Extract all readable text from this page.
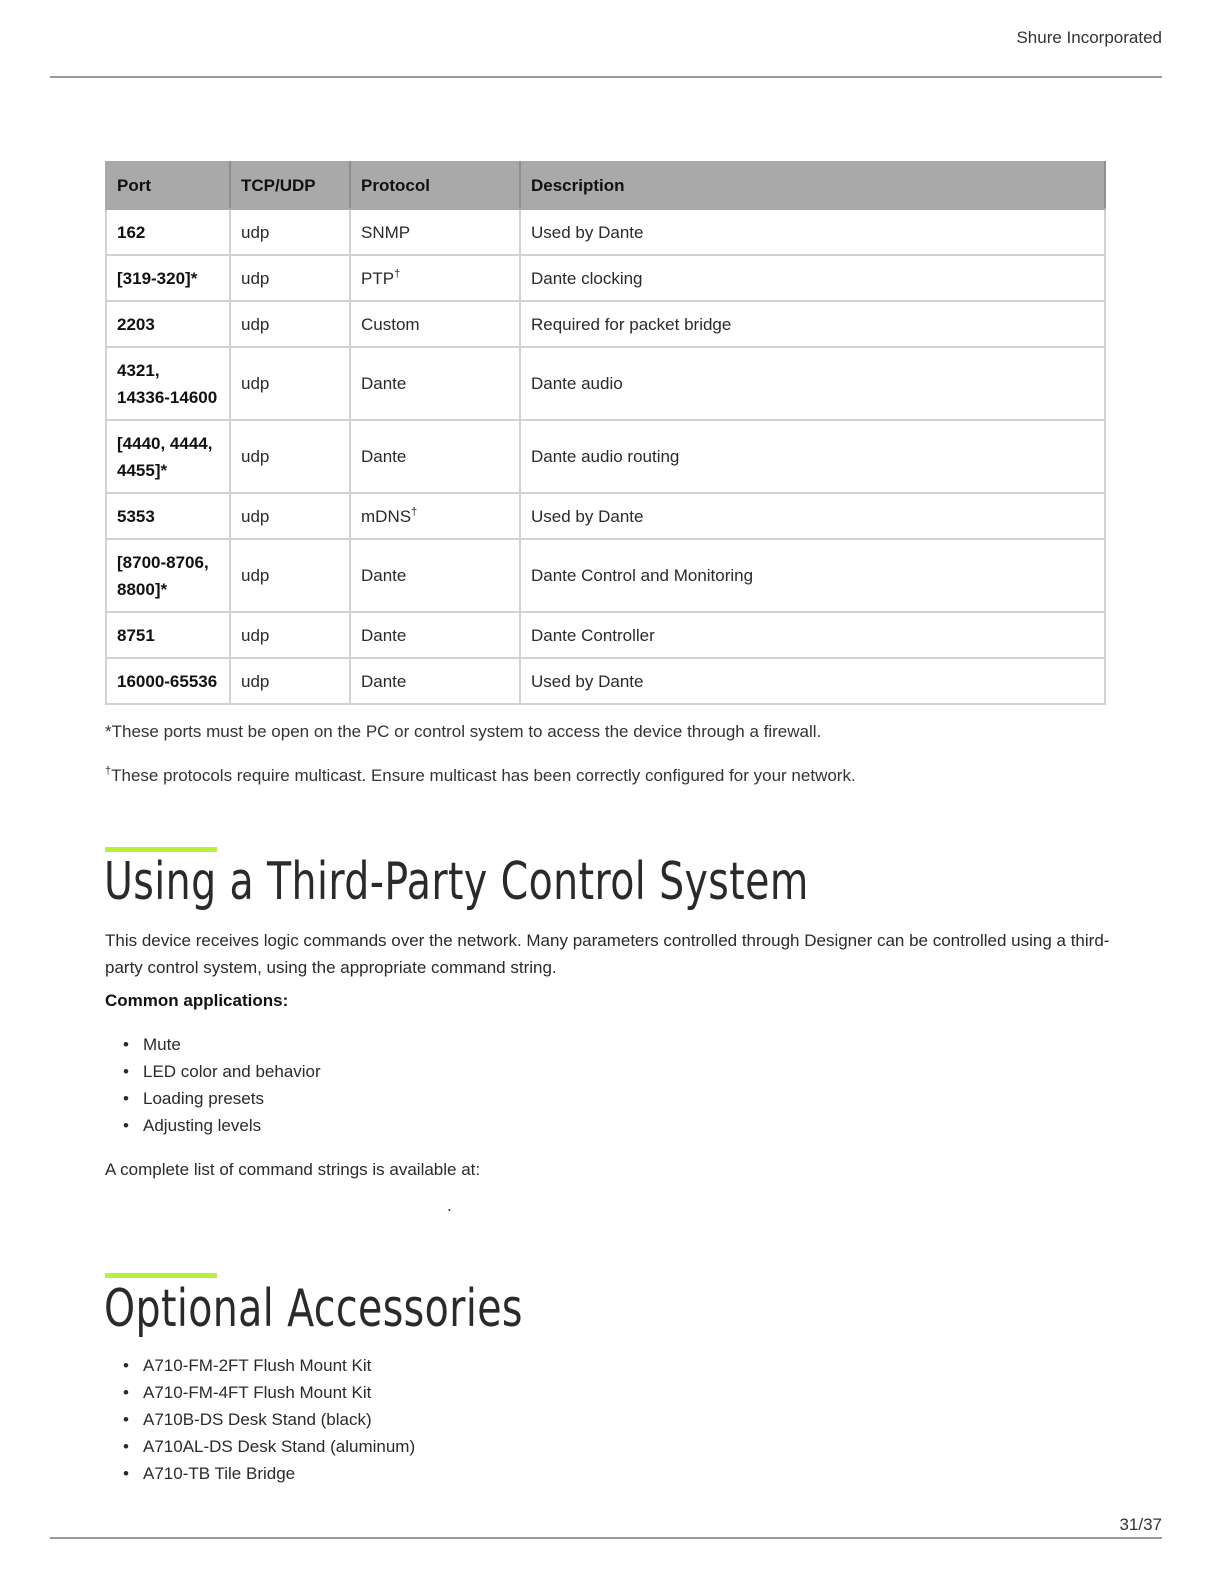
Shure Incorporated
Port	TCP/UDP	Protocol	Description
162	udp	SNMP	Used by Dante
[319-320]*	udp	PTP†	Dante clocking
2203	udp	Custom	Required for packet bridge
4321,
14336-14600	udp	Dante	Dante audio
[4440, 4444,
4455]*	udp	Dante	Dante audio routing
5353	udp	mDNS†	Used by Dante
[8700-8706,
8800]*	udp	Dante	Dante Control and Monitoring
8751	udp	Dante	Dante Controller
16000-65536	udp	Dante	Used by Dante
*These ports must be open on the PC or control system to access the device through a firewall.
†These protocols require multicast. Ensure multicast has been correctly configured for your network.
Using a Third-Party Control System

This device receives logic commands over the network. Many parameters controlled through Designer can be controlled using a third-party control system, using the appropriate command string.

Common applications:

• Mute
• LED color and behavior
• Loading presets
• Adjusting levels

A complete list of command strings is available at:

.
Optional Accessories
• A710-FM-2FT Flush Mount Kit
• A710-FM-4FT Flush Mount Kit
• A710B-DS Desk Stand (black)
• A710AL-DS Desk Stand (aluminum)
• A710-TB Tile Bridge
31/37
